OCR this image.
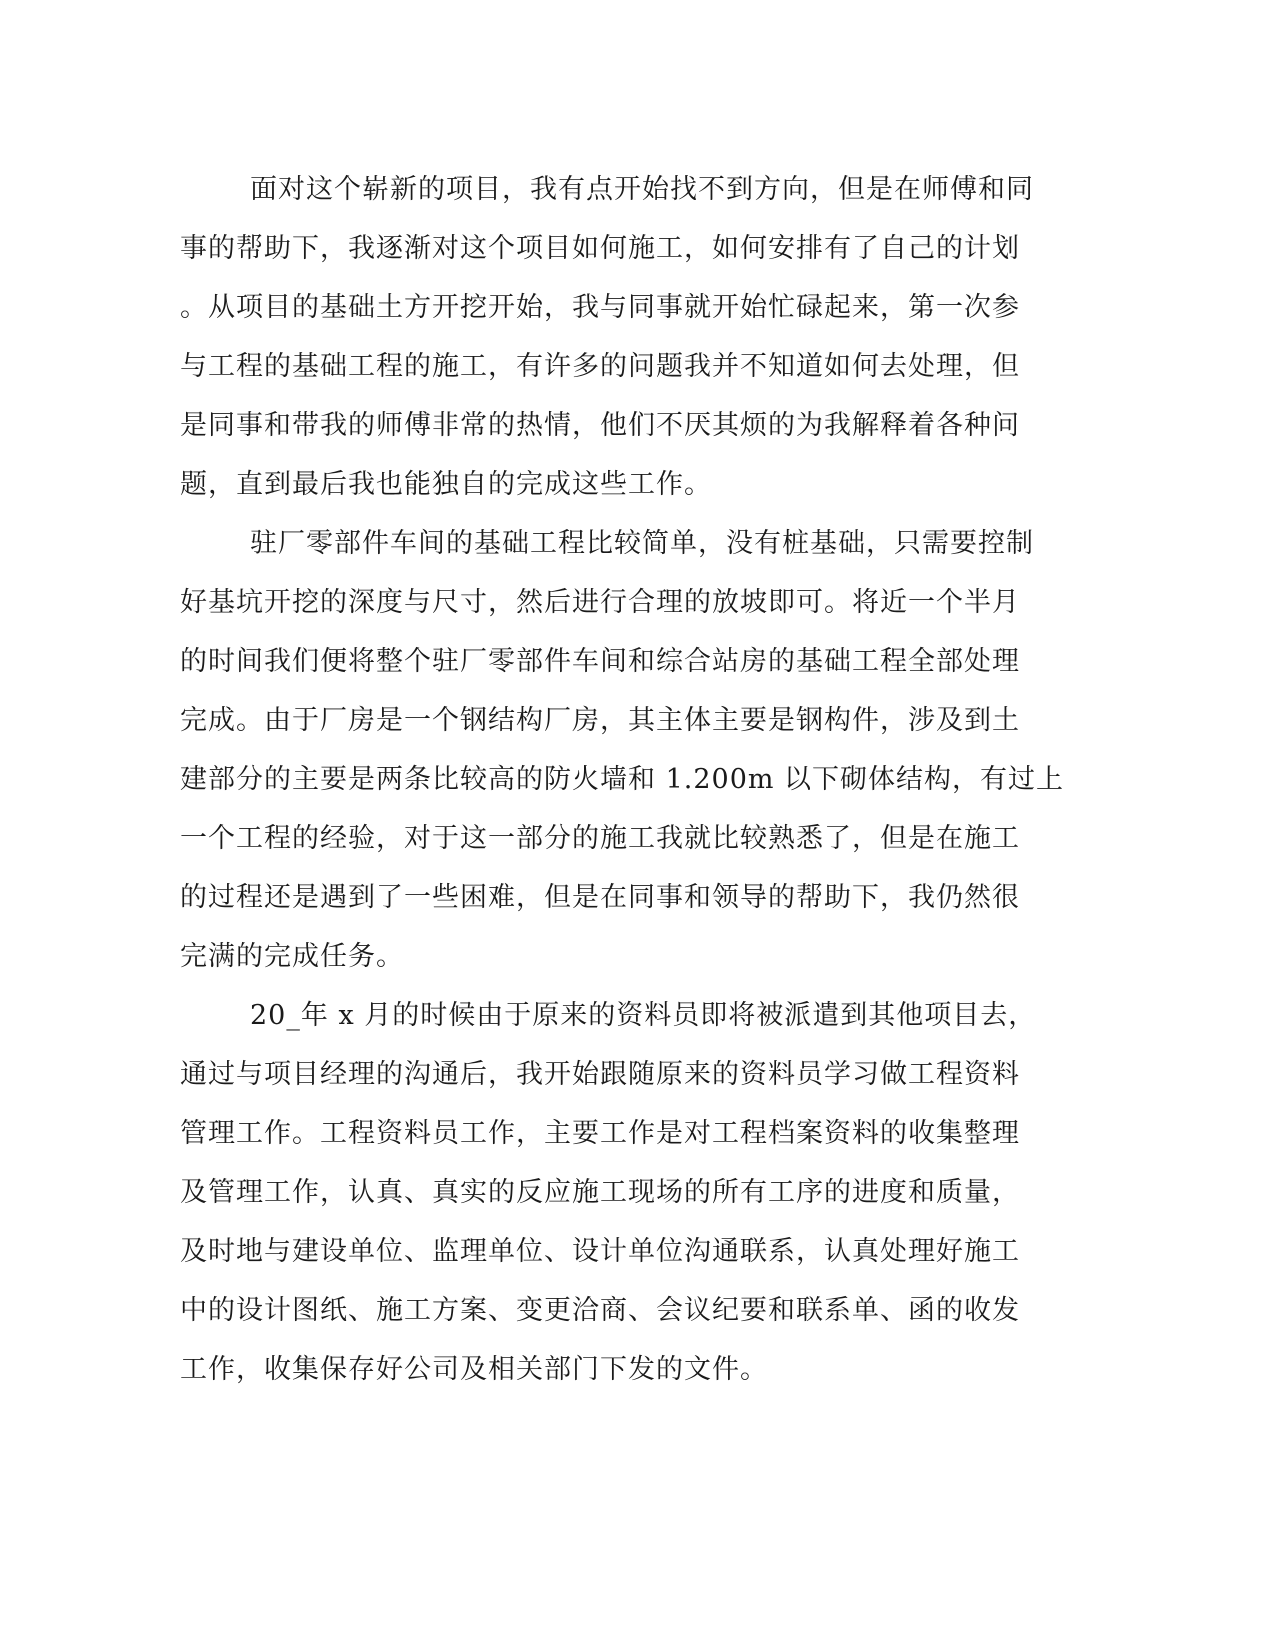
面对这个崭新的项目，我有点开始找不到方向，但是在师傅和同
事的帮助下，我逐渐对这个项目如何施工，如何安排有了自己的计划
。从项目的基础土方开挖开始，我与同事就开始忙碌起来，第一次参
与工程的基础工程的施工，有许多的问题我并不知道如何去处理，但
是同事和带我的师傅非常的热情，他们不厌其烦的为我解释着各种问
题，直到最后我也能独自的完成这些工作。

驻厂零部件车间的基础工程比较简单，没有桩基础，只需要控制
好基坑开挖的深度与尺寸，然后进行合理的放坡即可。将近一个半月
的时间我们便将整个驻厂零部件车间和综合站房的基础工程全部处理
完成。由于厂房是一个钢结构厂房，其主体主要是钢构件，涉及到土
建部分的主要是两条比较高的防火墙和 1.200m 以下砌体结构，有过上
一个工程的经验，对于这一部分的施工我就比较熟悉了，但是在施工
的过程还是遇到了一些困难，但是在同事和领导的帮助下，我仍然很
完满的完成任务。

20_年 x 月的时候由于原来的资料员即将被派遣到其他项目去，
通过与项目经理的沟通后，我开始跟随原来的资料员学习做工程资料
管理工作。工程资料员工作，主要工作是对工程档案资料的收集整理
及管理工作，认真、真实的反应施工现场的所有工序的进度和质量，
及时地与建设单位、监理单位、设计单位沟通联系，认真处理好施工
中的设计图纸、施工方案、变更洽商、会议纪要和联系单、函的收发
工作，收集保存好公司及相关部门下发的文件。
